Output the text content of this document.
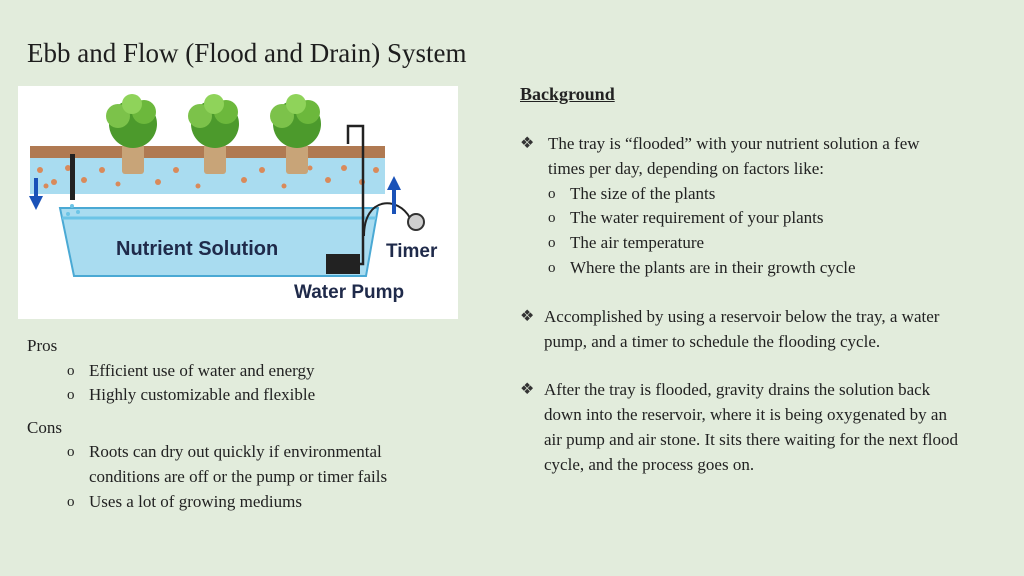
Ebb and Flow (Flood and Drain) System
Nutrient Solution	Timer
Water Pump
Pros
o Efficient use of water and energy
o Highly customizable and flexible
Cons
o Roots can dry out quickly if environmental conditions are off or the pump or timer fails
o Uses a lot of growing mediums
Background
❖ The tray is “flooded” with your nutrient solution a few times per day, depending on factors like:
o The size of the plants
o The water requirement of your plants
o The air temperature
o Where the plants are in their growth cycle
❖ Accomplished by using a reservoir below the tray, a water pump, and a timer to schedule the flooding cycle.
❖ After the tray is flooded, gravity drains the solution back down into the reservoir, where it is being oxygenated by an air pump and air stone. It sits there waiting for the next flood cycle, and the process goes on.
